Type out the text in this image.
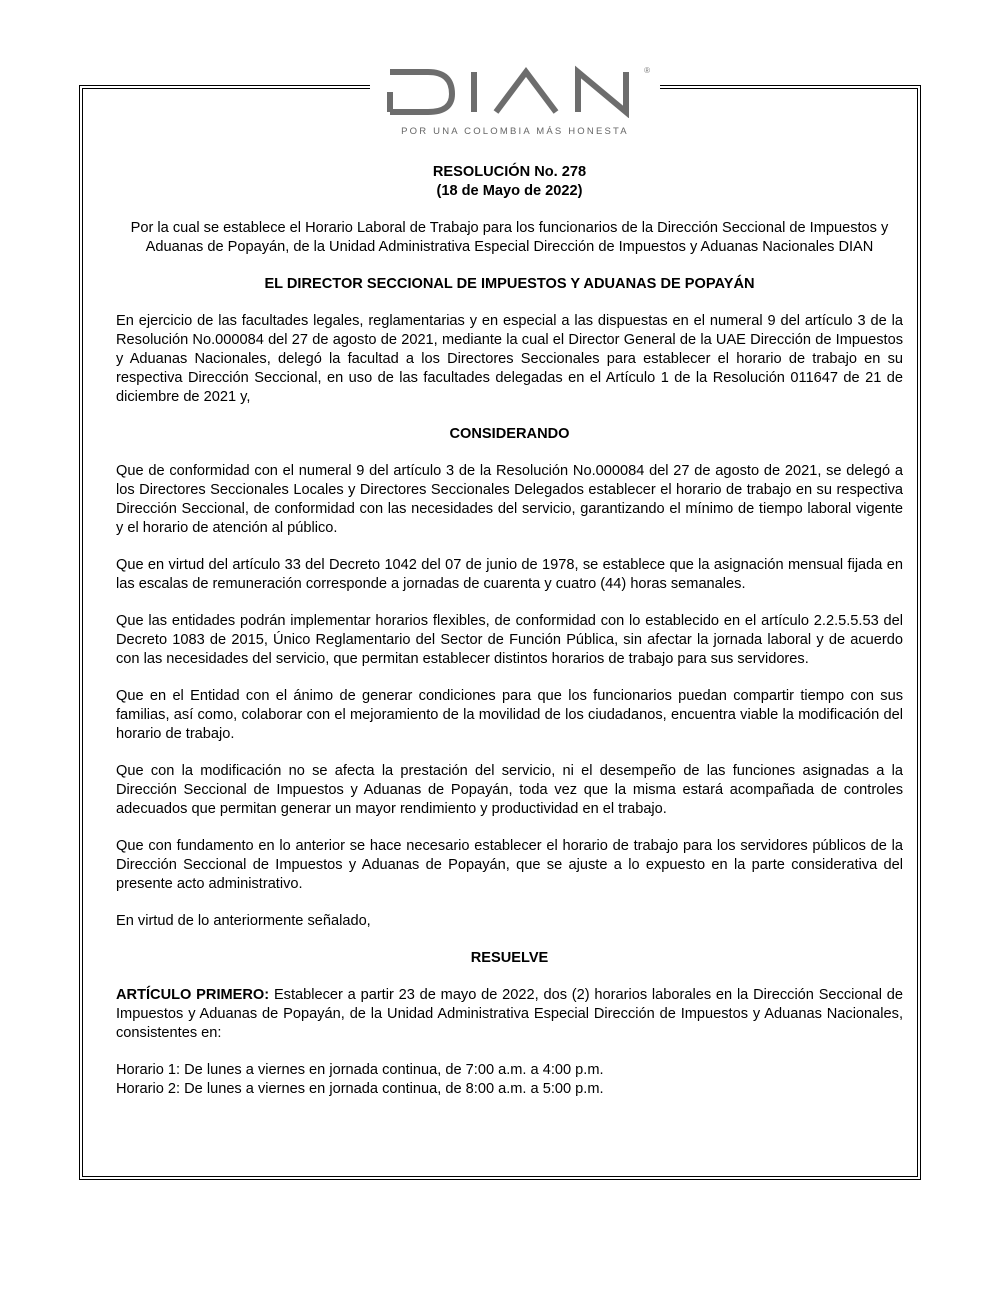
®
POR UNA COLOMBIA MÁS HONESTA

RESOLUCIÓN No. 278

(18 de Mayo de 2022)

Por la cual se establece el Horario Laboral de Trabajo para los funcionarios de la Dirección Seccional de Impuestos y Aduanas de Popayán, de la Unidad Administrativa Especial Dirección de Impuestos y Aduanas Nacionales DIAN

EL DIRECTOR SECCIONAL DE IMPUESTOS Y ADUANAS DE POPAYÁN

En ejercicio de las facultades legales, reglamentarias y en especial a las dispuestas en el numeral 9 del artículo 3 de la Resolución No.000084 del 27 de agosto de 2021, mediante la cual el Director General de la UAE Dirección de Impuestos y Aduanas Nacionales, delegó la facultad a los Directores Seccionales para establecer el horario de trabajo en su respectiva Dirección Seccional, en uso de las facultades delegadas en el Artículo 1 de la Resolución 011647 de 21 de diciembre de 2021 y,

CONSIDERANDO

Que de conformidad con el numeral 9 del artículo 3 de la Resolución No.000084 del 27 de agosto de 2021, se delegó a los Directores Seccionales Locales y Directores Seccionales Delegados establecer el horario de trabajo en su respectiva Dirección Seccional, de conformidad con las necesidades del servicio, garantizando el mínimo de tiempo laboral vigente y el horario de atención al público.

Que en virtud del artículo 33 del Decreto 1042 del 07 de junio de 1978, se establece que la asignación mensual fijada en las escalas de remuneración corresponde a jornadas de cuarenta y cuatro (44) horas semanales.

Que las entidades podrán implementar horarios flexibles, de conformidad con lo establecido en el artículo 2.2.5.5.53 del Decreto 1083 de 2015, Único Reglamentario del Sector de Función Pública, sin afectar la jornada laboral y de acuerdo con las necesidades del servicio, que permitan establecer distintos horarios de trabajo para sus servidores.

Que en el Entidad con el ánimo de generar condiciones para que los funcionarios puedan compartir tiempo con sus familias, así como, colaborar con el mejoramiento de la movilidad de los ciudadanos, encuentra viable la modificación del horario de trabajo.

Que con la modificación no se afecta la prestación del servicio, ni el desempeño de las funciones asignadas a la Dirección Seccional de Impuestos y Aduanas de Popayán, toda vez que la misma estará acompañada de controles adecuados que permitan generar un mayor rendimiento y productividad en el trabajo.

Que con fundamento en lo anterior se hace necesario establecer el horario de trabajo para los servidores públicos de la Dirección Seccional de Impuestos y Aduanas de Popayán, que se ajuste a lo expuesto en la parte considerativa del presente acto administrativo.

En virtud de lo anteriormente señalado,

RESUELVE

ARTÍCULO PRIMERO: Establecer a partir 23 de mayo de 2022, dos (2) horarios laborales en la Dirección Seccional de Impuestos y Aduanas de Popayán, de la Unidad Administrativa Especial Dirección de Impuestos y Aduanas Nacionales, consistentes en:

Horario 1: De lunes a viernes en jornada continua, de 7:00 a.m. a 4:00 p.m.

Horario 2: De lunes a viernes en jornada continua, de 8:00 a.m. a 5:00 p.m.
